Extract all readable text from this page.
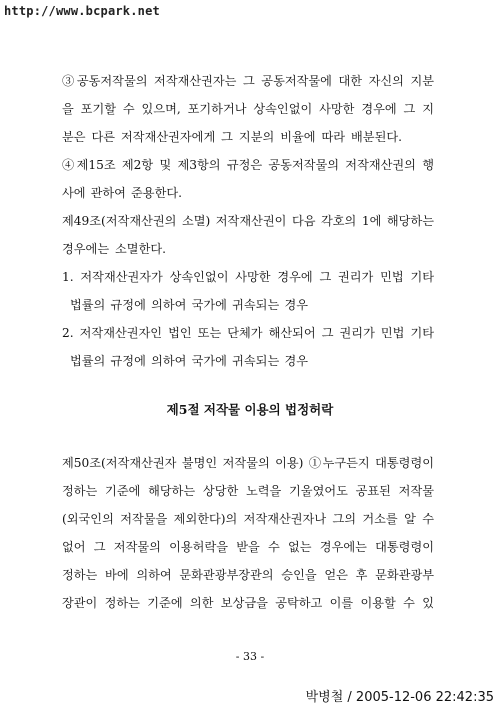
http://www.bcpark.net
③공동저작물의 저작재산권자는 그 공동저작물에 대한 자신의 지분
을 포기할 수 있으며, 포기하거나 상속인없이 사망한 경우에 그 지
분은 다른 저작재산권자에게 그 지분의 비율에 따라 배분된다.
④제15조 제2항 및 제3항의 규정은 공동저작물의 저작재산권의 행
사에 관하여 준용한다.
제49조(저작재산권의 소멸) 저작재산권이 다음 각호의 1에 해당하는
경우에는 소멸한다.
1. 저작재산권자가 상속인없이 사망한 경우에 그 권리가 민법 기타
법률의 규정에 의하여 국가에 귀속되는 경우
2. 저작재산권자인 법인 또는 단체가 해산되어 그 권리가 민법 기타
법률의 규정에 의하여 국가에 귀속되는 경우
제50조(저작재산권자 불명인 저작물의 이용) ①누구든지 대통령령이
정하는 기준에 해당하는 상당한 노력을 기울였어도 공표된 저작물
(외국인의 저작물을 제외한다)의 저작재산권자나 그의 거소를 알 수
없어 그 저작물의 이용허락을 받을 수 없는 경우에는 대통령령이
정하는 바에 의하여 문화관광부장관의 승인을 얻은 후 문화관광부
장관이 정하는 기준에 의한 보상금을 공탁하고 이를 이용할 수 있
제5절 저작물 이용의 법정허락
- 33 -
박병철 / 2005-12-06 22:42:35
